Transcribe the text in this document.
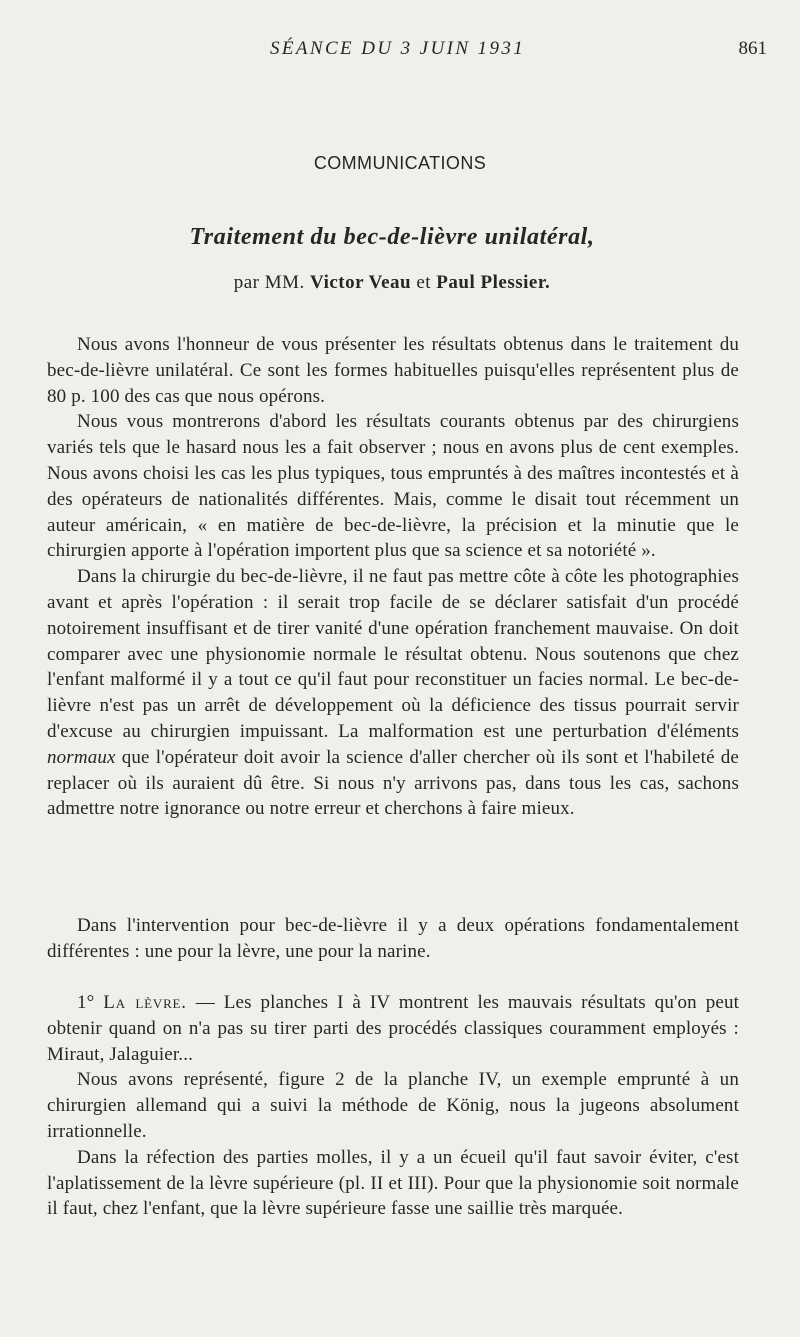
SÉANCE DU 3 JUIN 1931	861
COMMUNICATIONS
Traitement du bec-de-lièvre unilatéral,
par MM. Victor Veau et Paul Plessier.

Nous avons l'honneur de vous présenter les résultats obtenus dans le traitement du bec-de-lièvre unilatéral. Ce sont les formes habituelles puisqu'elles représentent plus de 80 p. 100 des cas que nous opérons.

Nous vous montrerons d'abord les résultats courants obtenus par des chirurgiens variés tels que le hasard nous les a fait observer ; nous en avons plus de cent exemples. Nous avons choisi les cas les plus typiques, tous empruntés à des maîtres incontestés et à des opérateurs de nationalités différentes. Mais, comme le disait tout récemment un auteur américain, « en matière de bec-de-lièvre, la précision et la minutie que le chirurgien apporte à l'opération importent plus que sa science et sa notoriété ».

Dans la chirurgie du bec-de-lièvre, il ne faut pas mettre côte à côte les photographies avant et après l'opération : il serait trop facile de se déclarer satisfait d'un procédé notoirement insuffisant et de tirer vanité d'une opération franchement mauvaise. On doit comparer avec une physionomie normale le résultat obtenu. Nous soutenons que chez l'enfant malformé il y a tout ce qu'il faut pour reconstituer un facies normal. Le bec-de-lièvre n'est pas un arrêt de développement où la déficience des tissus pourrait servir d'excuse au chirurgien impuissant. La malformation est une perturbation d'éléments normaux que l'opérateur doit avoir la science d'aller chercher où ils sont et l'habileté de replacer où ils auraient dû être. Si nous n'y arrivons pas, dans tous les cas, sachons admettre notre ignorance ou notre erreur et cherchons à faire mieux.

Dans l'intervention pour bec-de-lièvre il y a deux opérations fondamentalement différentes : une pour la lèvre, une pour la narine.

1° La lèvre. — Les planches I à IV montrent les mauvais résultats qu'on peut obtenir quand on n'a pas su tirer parti des procédés classiques couramment employés : Miraut, Jalaguier...

Nous avons représenté, figure 2 de la planche IV, un exemple emprunté à un chirurgien allemand qui a suivi la méthode de König, nous la jugeons absolument irrationnelle.

Dans la réfection des parties molles, il y a un écueil qu'il faut savoir éviter, c'est l'aplatissement de la lèvre supérieure (pl. II et III). Pour que la physionomie soit normale il faut, chez l'enfant, que la lèvre supérieure fasse une saillie très marquée.
